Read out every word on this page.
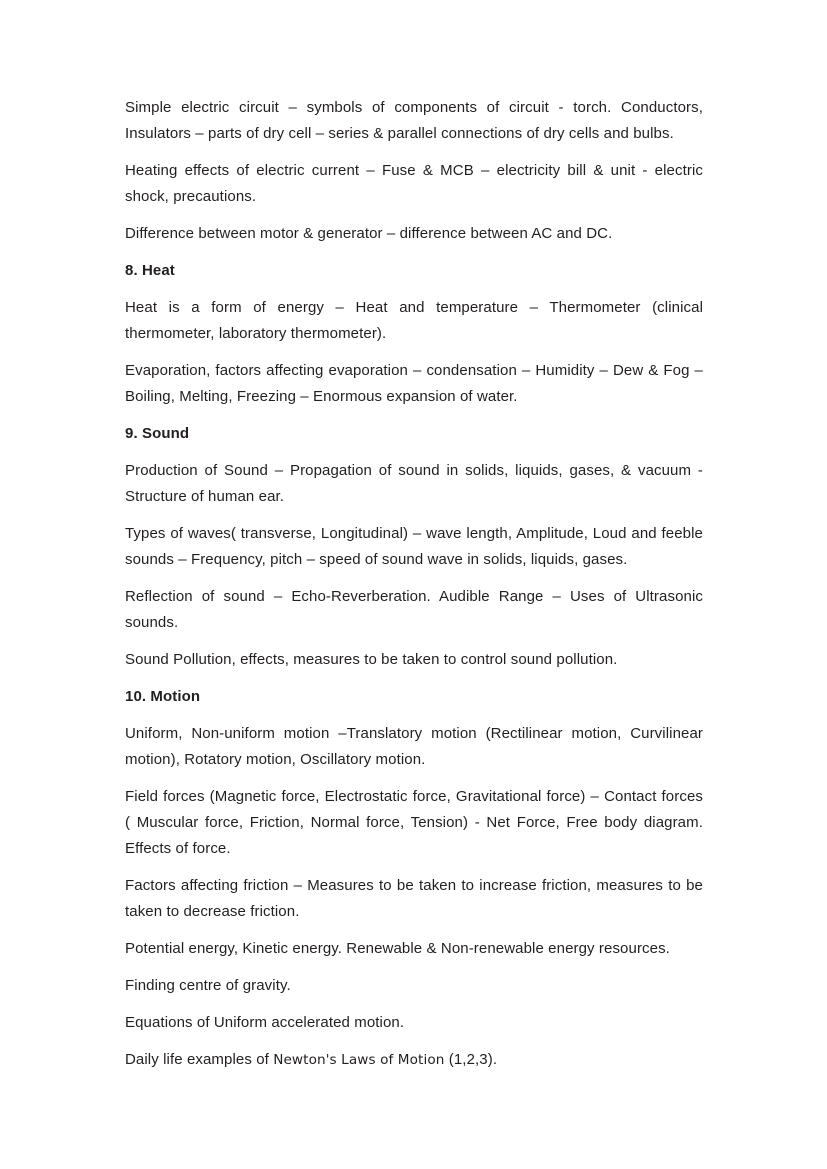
Simple electric circuit – symbols of components of circuit - torch. Conductors, Insulators – parts of dry cell – series & parallel connections of dry cells and bulbs.

Heating effects of electric current – Fuse & MCB – electricity bill & unit - electric shock, precautions.

Difference between motor & generator – difference between AC and DC.

8. Heat

Heat is a form of energy – Heat and temperature – Thermometer (clinical thermometer, laboratory thermometer).

Evaporation, factors affecting evaporation – condensation – Humidity – Dew & Fog – Boiling, Melting, Freezing – Enormous expansion of water.

9. Sound

Production of Sound – Propagation of sound in solids, liquids, gases, & vacuum - Structure of human ear.

Types of waves( transverse, Longitudinal) – wave length, Amplitude, Loud and feeble sounds – Frequency, pitch – speed of sound wave in solids, liquids, gases.

Reflection of sound – Echo-Reverberation. Audible Range – Uses of Ultrasonic sounds.

Sound Pollution, effects, measures to be taken to control sound pollution.

10. Motion

Uniform, Non-uniform motion –Translatory motion (Rectilinear motion, Curvilinear motion), Rotatory motion, Oscillatory motion.

Field forces (Magnetic force, Electrostatic force, Gravitational force) – Contact forces ( Muscular force, Friction, Normal force, Tension) - Net Force, Free body diagram. Effects of force.

Factors affecting friction – Measures to be taken to increase friction, measures to be taken to decrease friction.

Potential energy, Kinetic energy. Renewable & Non-renewable energy resources.

Finding centre of gravity.

Equations of Uniform accelerated motion.

Daily life examples of Newton's Laws of Motion (1,2,3).
